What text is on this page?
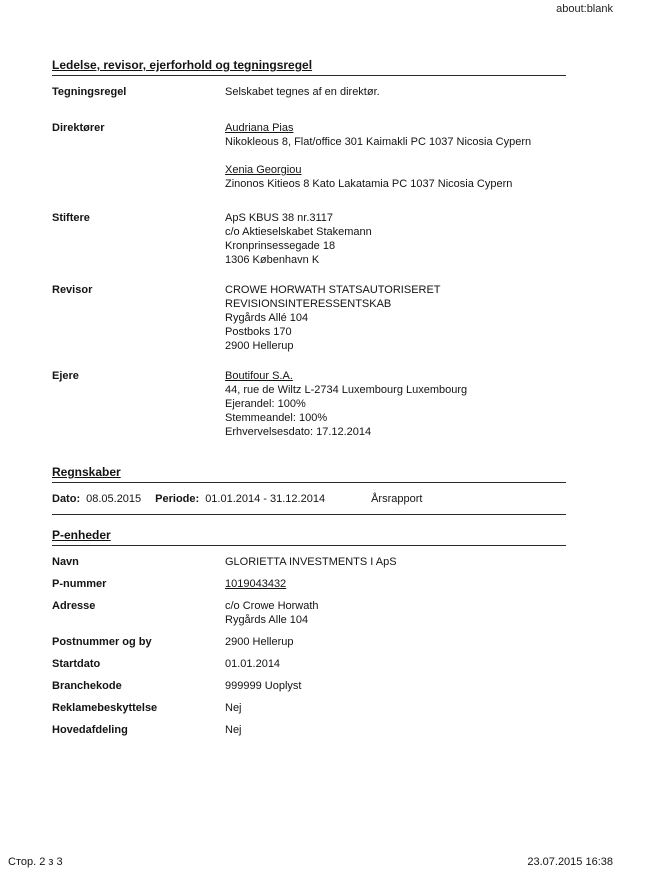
about:blank
Ledelse, revisor, ejerforhold og tegningsregel
Tegningsregel	Selskabet tegnes af en direktør.
Direktører	Audriana Pias
Nikokleous 8, Flat/office 301 Kaimakli PC 1037 Nicosia Cypern
Xenia Georgiou
Zinonos Kitieos 8 Kato Lakatamia PC 1037 Nicosia Cypern
Stiftere	ApS KBUS 38 nr.3117
c/o Aktieselskabet Stakemann
Kronprinsessegade 18
1306 København K
Revisor	CROWE HORWATH STATSAUTORISERET REVISIONSINTERESSENTSKAB
Rygårds Allé 104
Postboks 170
2900 Hellerup
Ejere	Boutifour S.A.
44, rue de Wiltz L-2734 Luxembourg Luxembourg
Ejerandel: 100%
Stemmeandel: 100%
Erhvervelsesdato: 17.12.2014
Regnskaber
Dato: 08.05.2015 Periode: 01.01.2014 - 31.12.2014	Årsrapport
P-enheder
Navn	GLORIETTA INVESTMENTS I ApS
P-nummer	1019043432
Adresse	c/o Crowe Horwath
Rygårds Alle 104
Postnummer og by	2900 Hellerup
Startdato	01.01.2014
Branchekode	999999 Uoplyst
Reklamebeskyttelse	Nej
Hovedafdeling	Nej
Стор. 2 з 3	23.07.2015 16:38
